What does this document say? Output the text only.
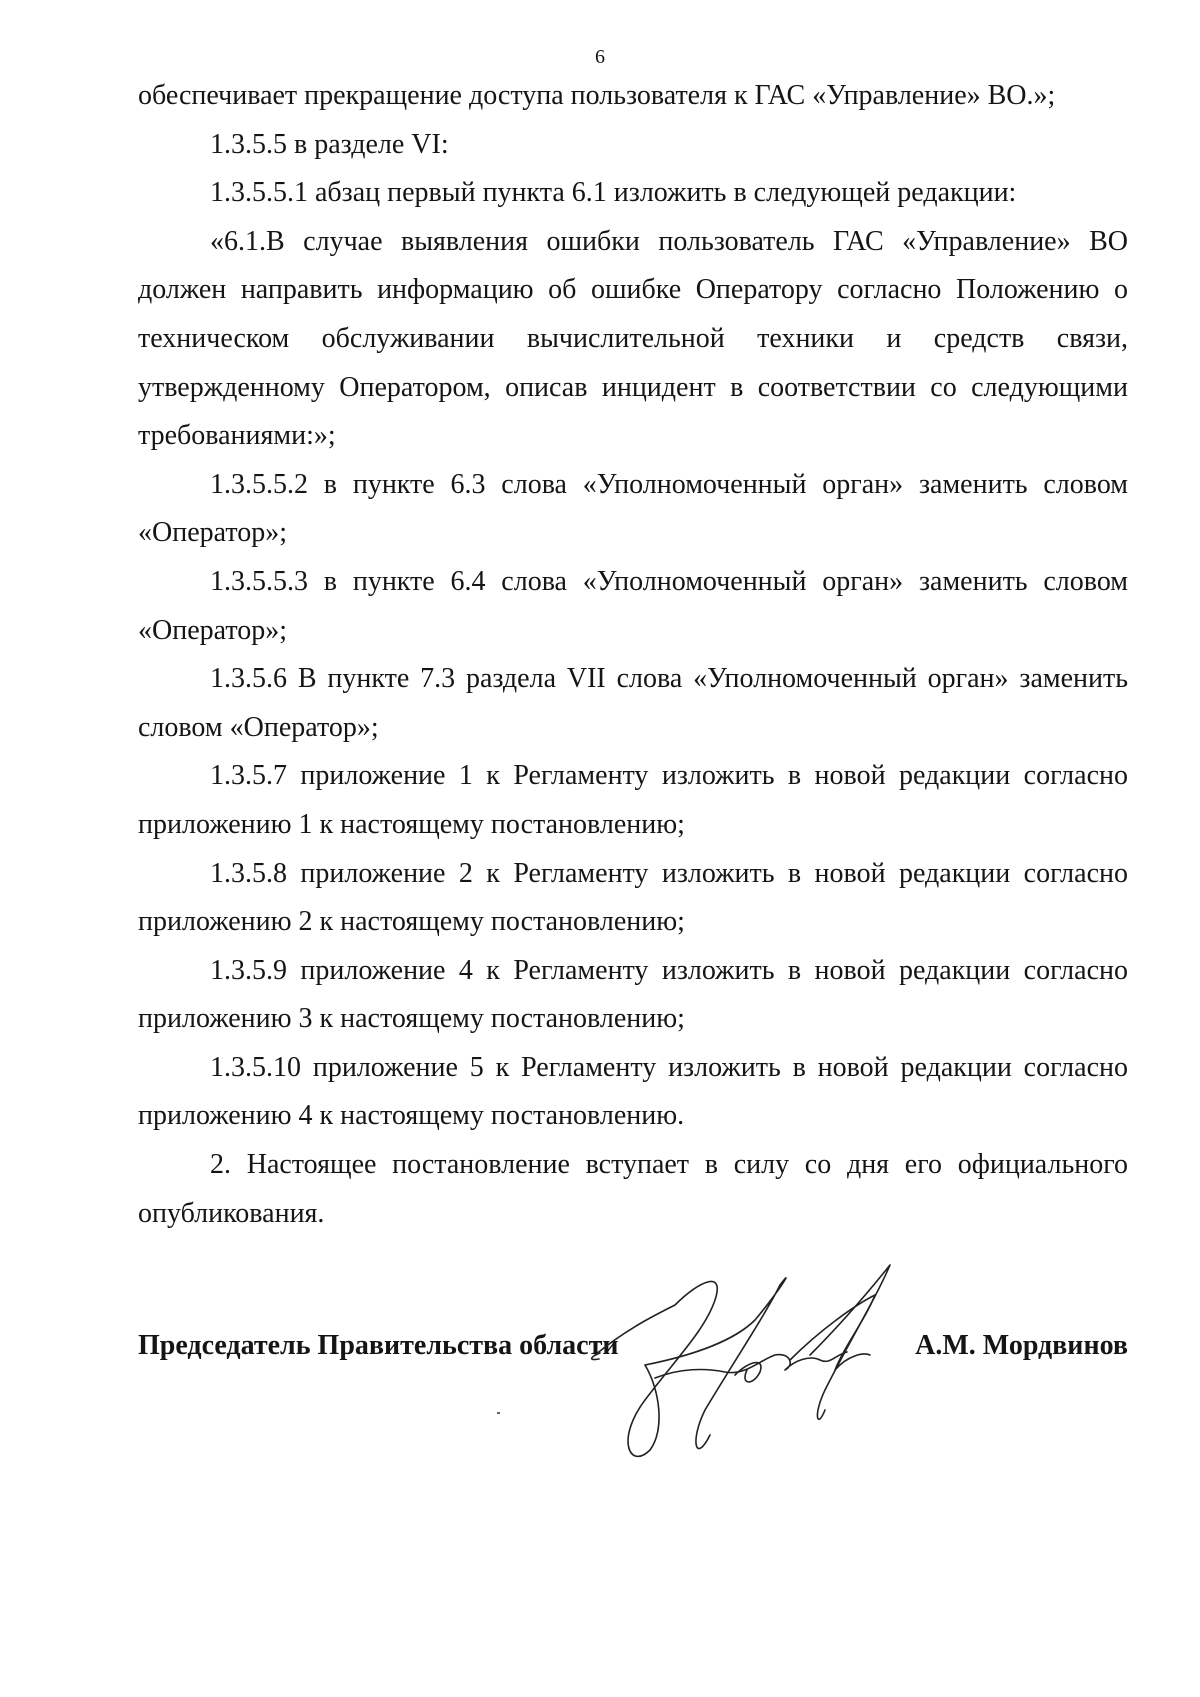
6

обеспечивает прекращение доступа пользователя к ГАС «Управление» ВО.»;

1.3.5.5 в разделе VI:

1.3.5.5.1 абзац первый пункта 6.1 изложить в следующей редакции:

«6.1.В случае выявления ошибки пользователь ГАС «Управление» ВО должен направить информацию об ошибке Оператору согласно Положению о техническом обслуживании вычислительной техники и средств связи, утвержденному Оператором, описав инцидент в соответствии со следующими требованиями:»;

1.3.5.5.2 в пункте 6.3 слова «Уполномоченный орган» заменить словом «Оператор»;

1.3.5.5.3 в пункте 6.4 слова «Уполномоченный орган» заменить словом «Оператор»;

1.3.5.6 В пункте 7.3 раздела VII слова «Уполномоченный орган» заменить словом «Оператор»;

1.3.5.7 приложение 1 к Регламенту изложить в новой редакции согласно приложению 1 к настоящему постановлению;

1.3.5.8 приложение 2 к Регламенту изложить в новой редакции согласно приложению 2 к настоящему постановлению;

1.3.5.9 приложение 4 к Регламенту изложить в новой редакции согласно приложению 3 к настоящему постановлению;

1.3.5.10 приложение 5 к Регламенту изложить в новой редакции согласно приложению 4 к настоящему постановлению.

2. Настоящее постановление вступает в силу со дня его официального опубликования.

Председатель Правительства области	А.М. Мордвинов
